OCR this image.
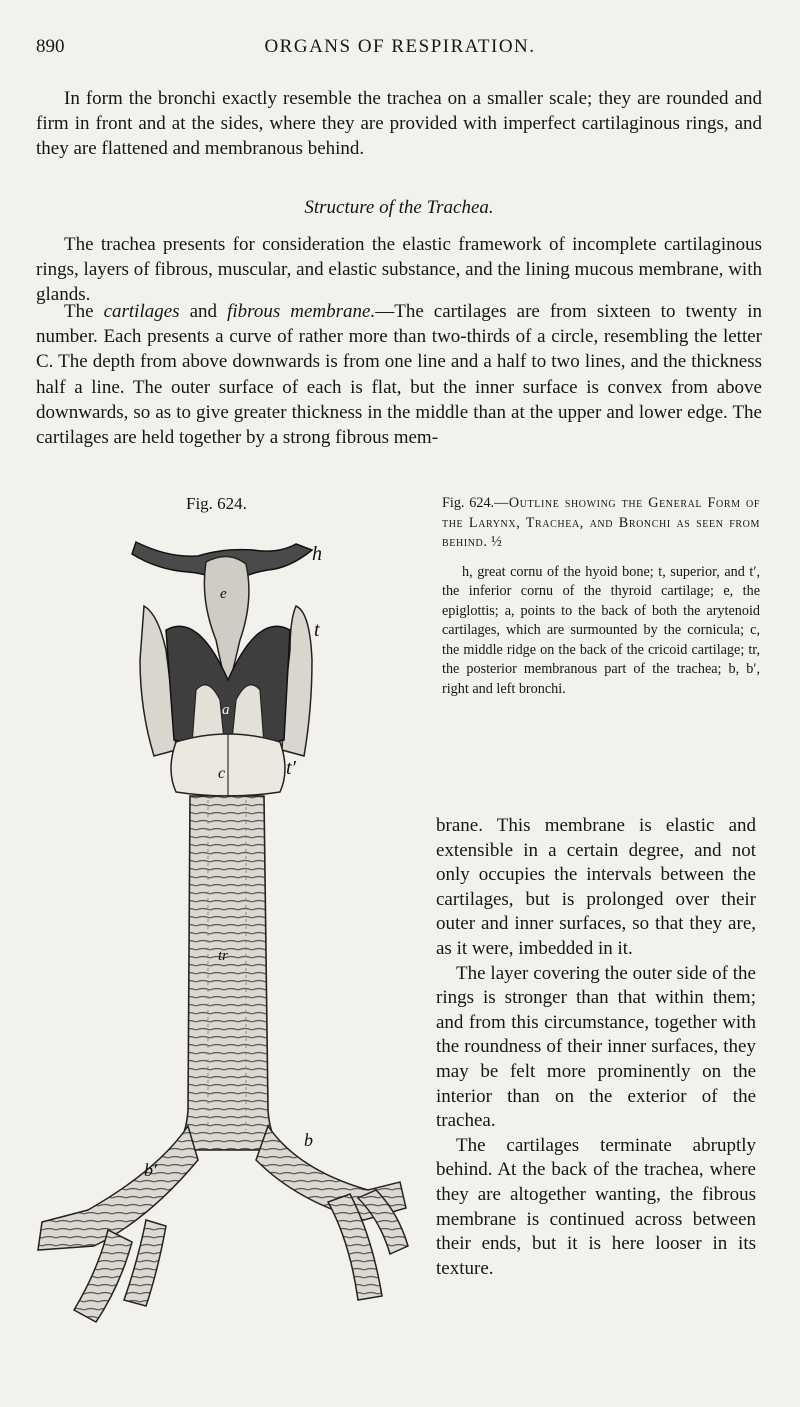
890	ORGANS OF RESPIRATION.

In form the bronchi exactly resemble the trachea on a smaller scale; they are rounded and firm in front and at the sides, where they are provided with imperfect cartilaginous rings, and they are flattened and membranous behind.

Structure of the Trachea.

The trachea presents for consideration the elastic framework of incomplete cartilaginous rings, layers of fibrous, muscular, and elastic substance, and the lining mucous membrane, with glands.

The cartilages and fibrous membrane.—The cartilages are from sixteen to twenty in number. Each presents a curve of rather more than two-thirds of a circle, resembling the letter C. The depth from above downwards is from one line and a half to two lines, and the thickness half a line. The outer surface of each is flat, but the inner surface is convex from above downwards, so as to give greater thickness in the middle than at the upper and lower edge. The cartilages are held together by a strong fibrous mem-

Fig. 624.
h
t
e
a
c	t′
tr
b
b′

Fig. 624.—Outline showing the General Form of the Larynx, Trachea, and Bronchi as seen from behind. ½

h, great cornu of the hyoid bone; t, superior, and t′, the inferior cornu of the thyroid cartilage; e, the epiglottis; a, points to the back of both the arytenoid cartilages, which are surmounted by the cornicula; c, the middle ridge on the back of the cricoid cartilage; tr, the posterior membranous part of the trachea; b, b′, right and left bronchi.

brane. This membrane is elastic and extensible in a certain degree, and not only occupies the intervals between the cartilages, but is prolonged over their outer and inner surfaces, so that they are, as it were, imbedded in it.

The layer covering the outer side of the rings is stronger than that within them; and from this circumstance, together with the roundness of their inner surfaces, they may be felt more prominently on the interior than on the exterior of the trachea.

The cartilages terminate abruptly behind. At the back of the trachea, where they are altogether wanting, the fibrous membrane is continued across between their ends, but it is here looser in its texture.
